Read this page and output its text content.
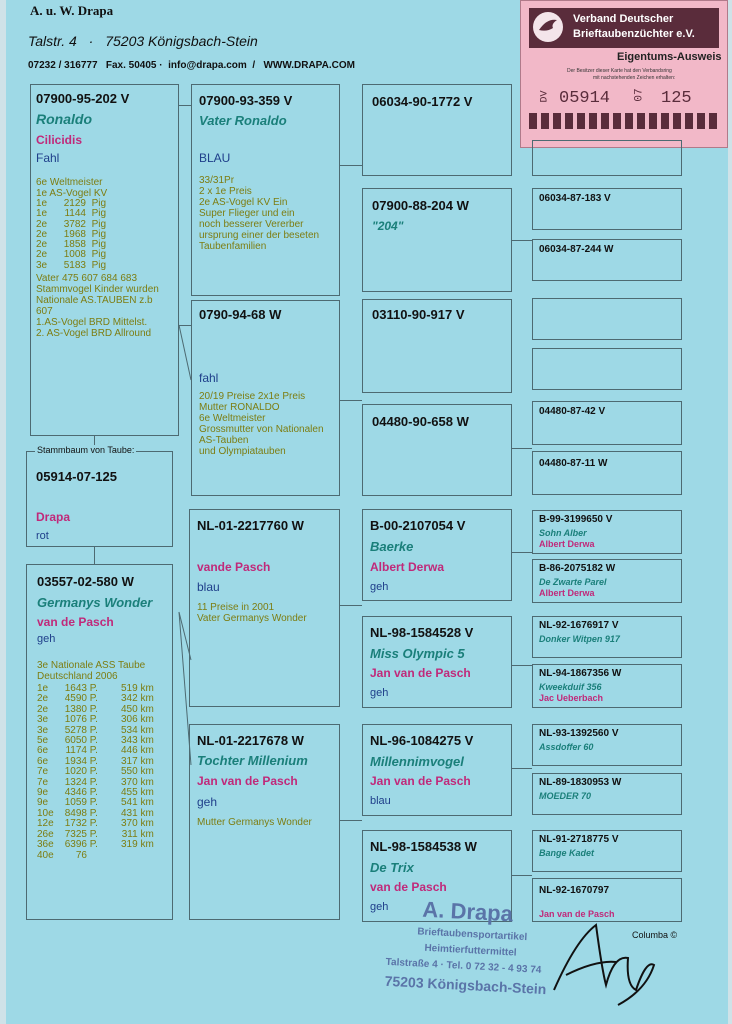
A. u. W. Drapa
Talstr. 4 · 75203 Königsbach-Stein
07232 / 316777 Fax. 50405 ·  info@drapa.com  /   WWW.DRAPA.COM
Verband Deutscher
Brieftaubenzüchter e.V.
Eigentums-Ausweis
Der Besitzer dieser Karte hat den Verbandsring
mit nachstehenden Zeichen erhalten:
DV 05914 07 125
07900-95-202 V
Ronaldo
Cilicidis
Fahl
6e Weltmeister
1e AS-Vogel KV
1e 2129 Pig
1e 1144 Pig
2e 3782 Pig
2e 1968 Pig
2e 1858 Pig
2e 1008 Pig
3e 5183 Pig
Vater 475 607 684 683
Stammvogel Kinder wurden
Nationale AS.TAUBEN z.b
607
1.AS-Vogel BRD Mittelst.
2. AS-Vogel BRD Allround
Stammbaum von Taube:
05914-07-125
Drapa
rot
03557-02-580 W
Germanys Wonder
van de Pasch
geh
3e Nationale ASS Taube
Deutschland 2006
1e 1643 P. 519 km
2e 4590 P. 342 km
2e 1380 P. 450 km
3e 1076 P. 306 km
3e 5278 P. 534 km
5e 6050 P. 343 km
6e 1174 P. 446 km
6e 1934 P. 317 km
7e 1020 P. 550 km
7e 1324 P. 370 km
9e 4346 P. 455 km
9e 1059 P. 541 km
10e 8498 P. 431 km
12e 1732 P. 370 km
26e 7325 P. 311 km
36e 6396 P. 319 km
40e 76
07900-93-359 V
Vater Ronaldo
BLAU
33/31Pr
2 x 1e Preis
2e AS-Vogel KV Ein
Super Flieger und ein
noch besserer Vererber
ursprung einer der beseten
Taubenfamilien
0790-94-68 W
fahl
20/19 Preise 2x1e Preis
Mutter RONALDO
6e Weltmeister
Grossmutter von Nationalen
AS-Tauben
und Olympiatauben
NL-01-2217760 W
vande Pasch
blau
11 Preise in 2001
Vater Germanys Wonder
NL-01-2217678 W
Tochter Millenium
Jan van de Pasch
geh
Mutter Germanys Wonder
06034-90-1772 V
07900-88-204 W
"204"
03110-90-917 V
04480-90-658 W
B-00-2107054 V
Baerke
Albert Derwa
geh
NL-98-1584528 V
Miss Olympic 5
Jan van de Pasch
geh
NL-96-1084275 V
Millennimvogel
Jan van de Pasch
blau
NL-98-1584538 W
De Trix
van de Pasch
geh
06034-87-183 V
06034-87-244 W
04480-87-42 V
04480-87-11 W
B-99-3199650 V
Sohn Alber
Albert Derwa
B-86-2075182 W
De Zwarte Parel
Albert Derwa
NL-92-1676917 V
Donker Witpen 917
NL-94-1867356 W
Kweekduif 356
Jac Ueberbach
NL-93-1392560 V
Assdoffer 60
NL-89-1830953 W
MOEDER 70
NL-91-2718775 V
Bange Kadet
NL-92-1670797
Jan van de Pasch
A. Drapa
Brieftaubensportartikel
Heimtierfuttermittel
Talstraße 4 · Tel. 0 72 32 - 4 93 74
75203 Königsbach-Stein
Columba ©
